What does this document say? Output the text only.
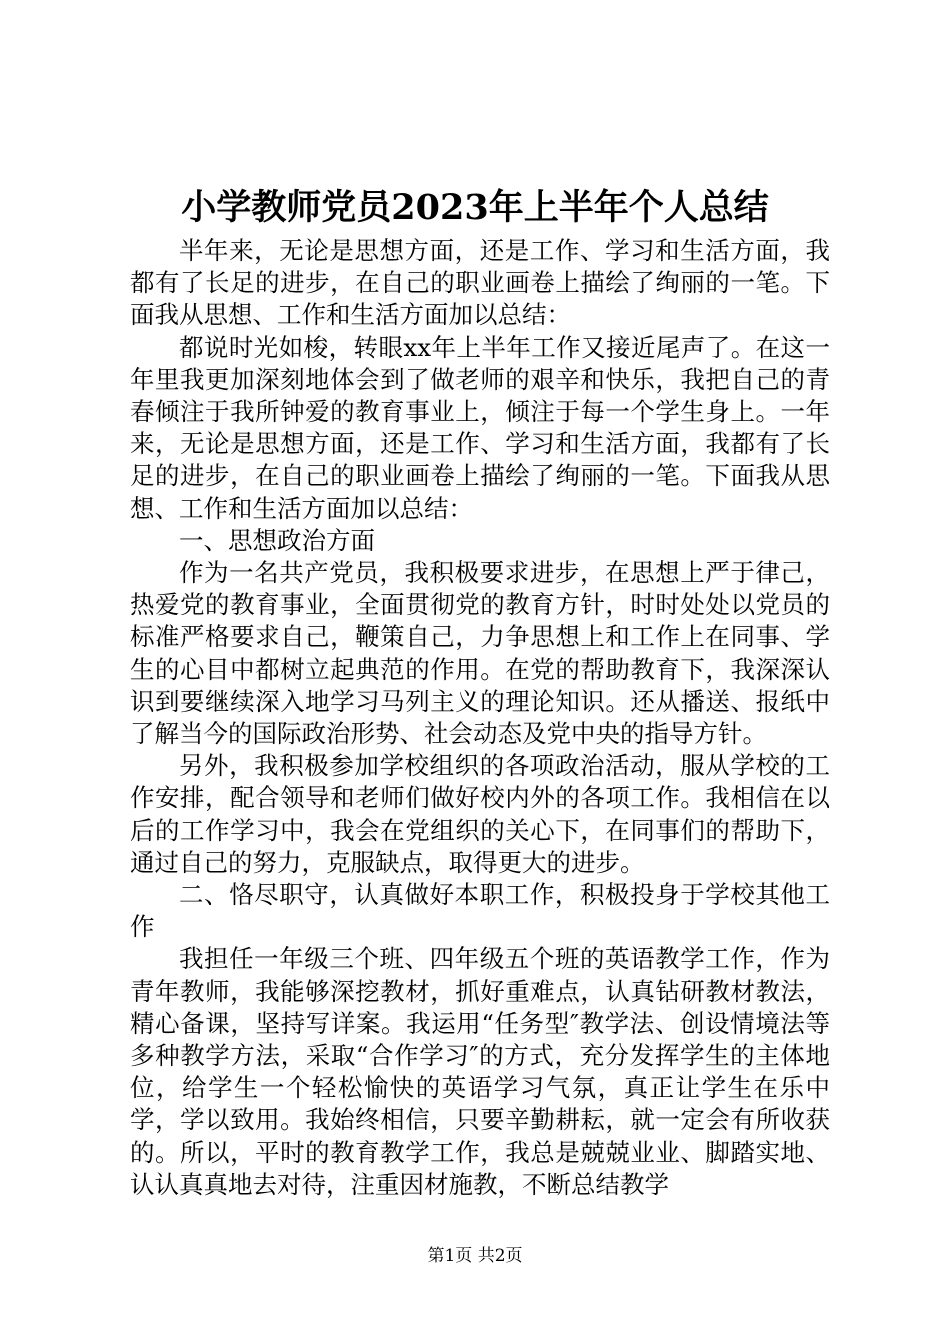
小学教师党员2023年上半年个人总结

半年来，无论是思想方面，还是工作、学习和生活方面，我都有了长足的进步，在自己的职业画卷上描绘了绚丽的一笔。下面我从思想、工作和生活方面加以总结：

都说时光如梭，转眼xx年上半年工作又接近尾声了。在这一年里我更加深刻地体会到了做老师的艰辛和快乐，我把自己的青春倾注于我所钟爱的教育事业上，倾注于每一个学生身上。一年来，无论是思想方面，还是工作、学习和生活方面，我都有了长足的进步，在自己的职业画卷上描绘了绚丽的一笔。下面我从思想、工作和生活方面加以总结：

一、思想政治方面

作为一名共产党员，我积极要求进步，在思想上严于律己，热爱党的教育事业，全面贯彻党的教育方针，时时处处以党员的标准严格要求自己，鞭策自己，力争思想上和工作上在同事、学生的心目中都树立起典范的作用。在党的帮助教育下，我深深认识到要继续深入地学习马列主义的理论知识。还从播送、报纸中了解当今的国际政治形势、社会动态及党中央的指导方针。

另外，我积极参加学校组织的各项政治活动，服从学校的工作安排，配合领导和老师们做好校内外的各项工作。我相信在以后的工作学习中，我会在党组织的关心下，在同事们的帮助下，通过自己的努力，克服缺点，取得更大的进步。

二、恪尽职守，认真做好本职工作，积极投身于学校其他工作

我担任一年级三个班、四年级五个班的英语教学工作，作为青年教师，我能够深挖教材，抓好重难点，认真钻研教材教法，精心备课，坚持写详案。我运用“任务型″教学法、创设情境法等多种教学方法，采取“合作学习″的方式，充分发挥学生的主体地位，给学生一个轻松愉快的英语学习气氛，真正让学生在乐中学，学以致用。我始终相信，只要辛勤耕耘，就一定会有所收获的。所以，平时的教育教学工作，我总是兢兢业业、脚踏实地、认认真真地去对待，注重因材施教，不断总结教学

第1页 共2页
